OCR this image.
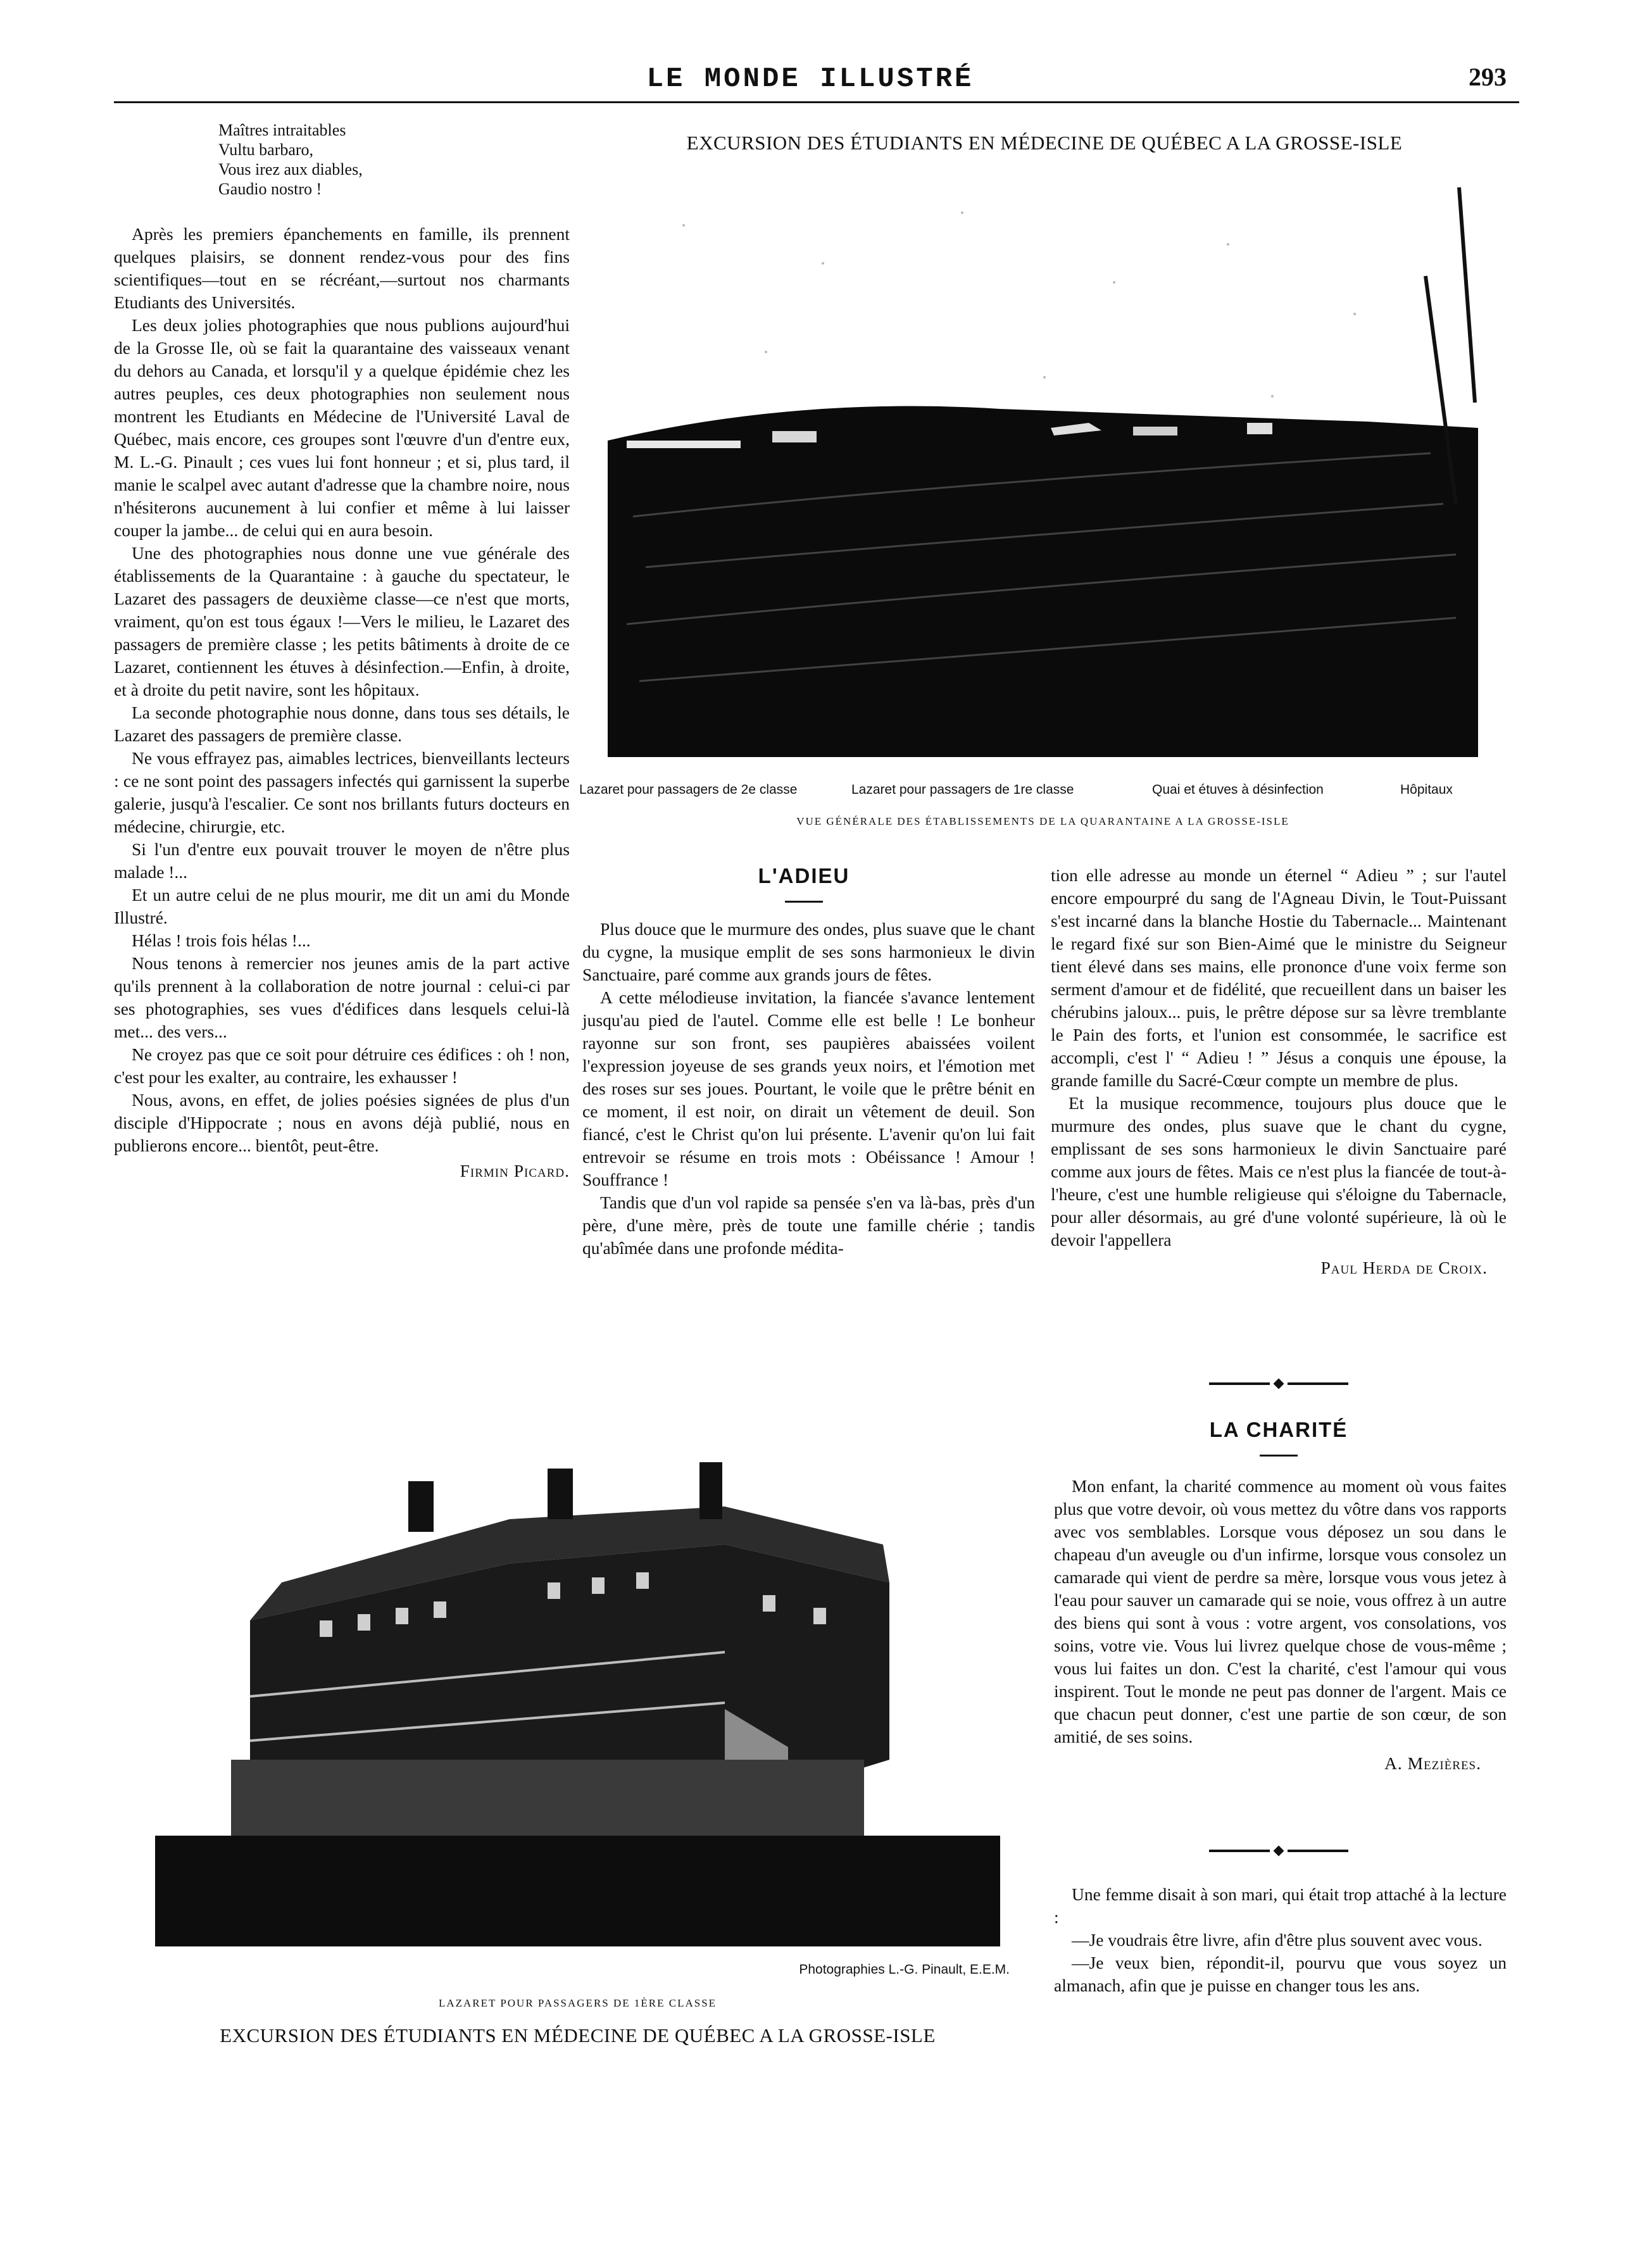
LE MONDE ILLUSTRÉ	293

Maîtres intraitables

Vultu barbaro,

Vous irez aux diables,

Gaudio nostro !

Après les premiers épanchements en famille, ils prennent quelques plaisirs, se donnent rendez-vous pour des fins scientifiques—tout en se récréant,—surtout nos charmants Etudiants des Universités.

Les deux jolies photographies que nous publions aujourd'hui de la Grosse Ile, où se fait la quarantaine des vaisseaux venant du dehors au Canada, et lorsqu'il y a quelque épidémie chez les autres peuples, ces deux photographies non seulement nous montrent les Etudiants en Médecine de l'Université Laval de Québec, mais encore, ces groupes sont l'œuvre d'un d'entre eux, M. L.-G. Pinault ; ces vues lui font honneur ; et si, plus tard, il manie le scalpel avec autant d'adresse que la chambre noire, nous n'hésiterons aucunement à lui confier et même à lui laisser couper la jambe... de celui qui en aura besoin.

Une des photographies nous donne une vue générale des établissements de la Quarantaine : à gauche du spectateur, le Lazaret des passagers de deuxième classe—ce n'est que morts, vraiment, qu'on est tous égaux !—Vers le milieu, le Lazaret des passagers de première classe ; les petits bâtiments à droite de ce Lazaret, contiennent les étuves à désinfection.—Enfin, à droite, et à droite du petit navire, sont les hôpitaux.

La seconde photographie nous donne, dans tous ses détails, le Lazaret des passagers de première classe.

Ne vous effrayez pas, aimables lectrices, bienveillants lecteurs : ce ne sont point des passagers infectés qui garnissent la superbe galerie, jusqu'à l'escalier. Ce sont nos brillants futurs docteurs en médecine, chirurgie, etc.

Si l'un d'entre eux pouvait trouver le moyen de n'être plus malade !...

Et un autre celui de ne plus mourir, me dit un ami du Monde Illustré.

Hélas ! trois fois hélas !...

Nous tenons à remercier nos jeunes amis de la part active qu'ils prennent à la collaboration de notre journal : celui-ci par ses photographies, ses vues d'édifices dans lesquels celui-là met... des vers...

Ne croyez pas que ce soit pour détruire ces édifices : oh ! non, c'est pour les exalter, au contraire, les exhausser !

Nous, avons, en effet, de jolies poésies signées de plus d'un disciple d'Hippocrate ; nous en avons déjà publié, nous en publierons encore... bientôt, peut-être.

Firmin Picard.

EXCURSION DES ÉTUDIANTS EN MÉDECINE DE QUÉBEC A LA GROSSE-ISLE
Lazaret pour passagers de 2e classe	Lazaret pour passagers de 1re classe	Quai et étuves à désinfection	Hôpitaux
VUE GÉNÉRALE DES ÉTABLISSEMENTS DE LA QUARANTAINE A LA GROSSE-ISLE
L'ADIEU

Plus douce que le murmure des ondes, plus suave que le chant du cygne, la musique emplit de ses sons harmonieux le divin Sanctuaire, paré comme aux grands jours de fêtes.

A cette mélodieuse invitation, la fiancée s'avance lentement jusqu'au pied de l'autel. Comme elle est belle ! Le bonheur rayonne sur son front, ses paupières abaissées voilent l'expression joyeuse de ses grands yeux noirs, et l'émotion met des roses sur ses joues. Pourtant, le voile que le prêtre bénit en ce moment, il est noir, on dirait un vêtement de deuil. Son fiancé, c'est le Christ qu'on lui présente. L'avenir qu'on lui fait entrevoir se résume en trois mots : Obéissance ! Amour ! Souffrance !

Tandis que d'un vol rapide sa pensée s'en va là-bas, près d'un père, d'une mère, près de toute une famille chérie ; tandis qu'abîmée dans une profonde médita-

tion elle adresse au monde un éternel “ Adieu ” ; sur l'autel encore empourpré du sang de l'Agneau Divin, le Tout-Puissant s'est incarné dans la blanche Hostie du Tabernacle... Maintenant le regard fixé sur son Bien-Aimé que le ministre du Seigneur tient élevé dans ses mains, elle prononce d'une voix ferme son serment d'amour et de fidélité, que recueillent dans un baiser les chérubins jaloux... puis, le prêtre dépose sur sa lèvre tremblante le Pain des forts, et l'union est consommée, le sacrifice est accompli, c'est l' “ Adieu ! ” Jésus a conquis une épouse, la grande famille du Sacré-Cœur compte un membre de plus.

Et la musique recommence, toujours plus douce que le murmure des ondes, plus suave que le chant du cygne, emplissant de ses sons harmonieux le divin Sanctuaire paré comme aux jours de fêtes. Mais ce n'est plus la fiancée de tout-à-l'heure, c'est une humble religieuse qui s'éloigne du Tabernacle, pour aller désormais, au gré d'une volonté supérieure, là où le devoir l'appellera

Paul Herda de Croix.

LA CHARITÉ

Mon enfant, la charité commence au moment où vous faites plus que votre devoir, où vous mettez du vôtre dans vos rapports avec vos semblables. Lorsque vous déposez un sou dans le chapeau d'un aveugle ou d'un infirme, lorsque vous consolez un camarade qui vient de perdre sa mère, lorsque vous vous jetez à l'eau pour sauver un camarade qui se noie, vous offrez à un autre des biens qui sont à vous : votre argent, vos consolations, vos soins, votre vie. Vous lui livrez quelque chose de vous-même ; vous lui faites un don. C'est la charité, c'est l'amour qui vous inspirent. Tout le monde ne peut pas donner de l'argent. Mais ce que chacun peut donner, c'est une partie de son cœur, de son amitié, de ses soins.

A. Mezières.

Une femme disait à son mari, qui était trop attaché à la lecture :

—Je voudrais être livre, afin d'être plus souvent avec vous.

—Je veux bien, répondit-il, pourvu que vous soyez un almanach, afin que je puisse en changer tous les ans.

Photographies L.-G. Pinault, E.E.M.
LAZARET POUR PASSAGERS DE 1ÈRE CLASSE
EXCURSION DES ÉTUDIANTS EN MÉDECINE DE QUÉBEC A LA GROSSE-ISLE
